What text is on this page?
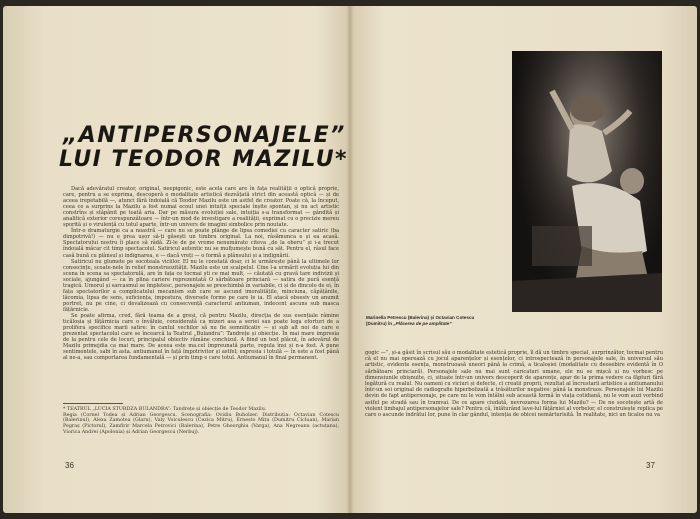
„ANTIPERSONAJELE”
LUI TEODOR MAZILU*

Dacă adevăratul creator, original, neepigonic, este acela care are în fața realității o optică proprie, care, pentru a se exprima, descoperă o modalitate artistică dezvățată strict din această optică — și de aceea irepetabilă —, atunci fără îndoială că Teodor Mazilu este un astfel de creator. Poate că, la început, ceea ce a surprins la Mazilu a fost numai ecoul unei intuiții speciale înșite spontan, și nu act artistic constrîns și stăpânit pe toată aria. Dar pe măsura evoluției sale, intuiția s-a transformat — gândită și analitică exterior corespunzătoare — într-un mod de investigare a realității, exprimat cu o precizie mereu sporită și o virulență cu totul aparte, într-un univers de imagini simbolice prin noutate.

Într-o dramaturgie ca a noastră — care nu se poate plânge de lipsa comediei cu caracter satiric (ba dimpotrivă!) — nu e prea ușor să-ți găsești un timbru original. La noi, râsămunca e și ea acasă. Spectatorului nostru îi place să râdă. Zi-le de pe vreme nenumărate citeva „de la oberu” și i-a trecut îndoială măcar cit timp spectacolul. Satiricul autentic nu se mulțumește bună cu săt. Pentru el, râsul face casă bună cu plânsul și indignarea, e — dacă vreți — o formă a plânsului și a indignării.

Satiricul nu glumete pe socoteala viciilor. El nu le constată doar, ci le urmărește până la ultimele lor consecințe, scoate-nele în relief monstruozității. Mazilu este un scalpelul. Cine l-a urmărit evoluția lui din scena în scena sa spectatorulă, are în fața ce tocmai ști ce mai mult, — căutată cu gravă tare indivizii și sociale, ajungând — ca în plina cariere reprezentată O sărbătoare princiară — satira de pură esență tragică. Umorul și sarcasmul se împletesc, personajele se preschimbă în variabile, ci și de dincolo de ei, în fața spectatorilor a complicatului mecanism sub care se ascund imoralitățile, minciuna, căpățânile, lăcomia, lipsa de sens, suficiența, impostura, diversele forme pe care le ia. El atacă obsesiv un anumit portret, nu pe cine, ci devalizează cu consecvență caracterul antiuman, indecent ascuns sub masca fățărnicie.

Se poate afirma, cred, fără teama de a greși, că pentru Mazilu, direcția de sus esențiale râmine ticăloșia și fățărnicia care o învăluie, considerată ca mizeri asa a seriei sau poate lega eforturi de a prolifera specifice marii satire: în cantul vechilor să nu fie semnificativ — și sub alt noi de care e prezentat spectacolul care se încearcă la Teatrul „Bulandra”: Tandrețe și obiecție. În mai mare impresia de la pentru cele de locuri, principalul obiectiv rămâne conchizul. A fiind un text plăcut, în adevărul de Mazilu primejdia ca mai mare. De aceea este ma.cel împreunată parte, regula înși și n-a fost. A pune sentimentele, sabi în asta. antiumanul în față împotrivitor și astfel; expresia i totulă — în este a fost până al ne-a, sau comportarea fundamentală — și prin timp e care totul. Antiumanul în final permanent.

* TEATRUL „LUCIA STURDZA BULANDRA”: Tandrețe și obiecție de Teodor Mazilu.
Regia (Cornel Todea și Adrian Georgescu. Scenografia: Ovidiu Buholzer. Distribuția: Octavian Cotescu (Balerinul), Alexa Zamotea (Glaru), Valy Voiculescu (Cezica Mitru), Ernesto Mițu (Dumitru Cicluan), Marian Pegraș (Pictorul), Zamfirir Marcela Petrovici (Balerina), Petre Gheorghiu (Varga), Ana Negreanu (actuțana), Viorica Andrei (Apolonia) și Adrian Georgescu (Nerbuj).
36	37
Marinella Petrescu (Balerina) și Octavian Cotescu (Dumitru) în „Plăcerea de pe amplitate”

gogic —”, și-a găsit în scrisul său o modalitate estetică proprie, îl dă un timbru special, surprinzător, tocmai pentru că el nu mai operează cu jocul aparențelor și esențelor, ci introspectează în personajele sale, în universul său artistic, evidente esența, monstruoasă uneori până la crimă, a ticaloșiei (modalitate cu deosebire evidentă în O sărbătoare princiară). Personajele sale nu mai sunt caricaturi umane, ele nu se mișcă și nu vorbesc pe dimensiunile obișnuite, ci, situate într-un univers descoperit de aparențe, apar de la prima vedere ca făpturi fără legătură cu realul. Nu oameni cu viciuri și defecte, ci creatii proprii, rezultat al încrustarii artistice a antiumanului într-un soi original de radiografie hiperbolizată a trăsăturilor negative: până la monstruos. Personajele lui Mazilu devin de fapt antipersonaje, pe care nu le vom întâlni sub această formă în viața cotidiană, nu le vom auzi vorbind astfel pe stradă sau în tramvai. De ce apare ciudată, nevrozarea forma lui Mazilu? — De ne socotește artă de violent limbajul antipersonajelor sale? Pentru că, înlăturând lave-lul fățărniei al vorbelor, el construiește replica pe care o ascunde îndrătul lor, pune în clar gândul, intenția de obicei nemărturisită. În realitate, nici un ticalos nu va
